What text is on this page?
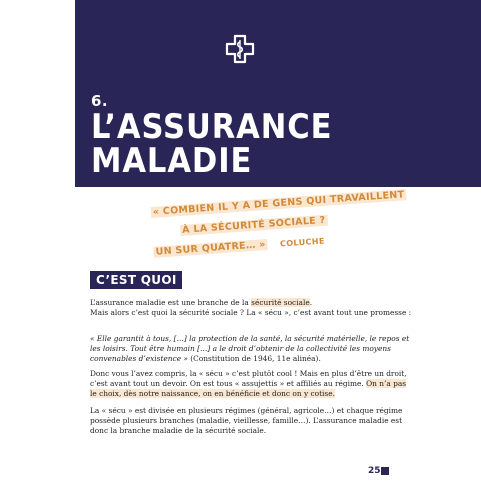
6.

L’ASSURANCE
MALADIE
« COMBIEN IL Y A DE GENS QUI TRAVAILLENT
À LA SÉCURITÉ SOCIALE ?
UN SUR QUATRE… »	COLUCHE
C’EST QUOI ?

L’assurance maladie est une branche de la sécurité sociale.
Mais alors c’est quoi la sécurité sociale ? La « sécu », c’est avant tout une promesse :

« Elle garantit à tous, […] la protection de la santé, la sécurité matérielle, le repos et les loisirs. Tout être humain […] a le droit d’obtenir de la collectivité les moyens convenables d’existence » (Constitution de 1946, 11e alinéa).

Donc vous l’avez compris, la « sécu » c’est plutôt cool ! Mais en plus d’être un droit, c’est avant tout un devoir. On est tous « assujettis » et affiliés au régime. On n’a pas le choix, dès notre naissance, on en bénéficie et donc on y cotise.

La « sécu » est divisée en plusieurs régimes (général, agricole…) et chaque régime possède plusieurs branches (maladie, vieillesse, famille…). L’assurance maladie est donc la branche maladie de la sécurité sociale.

25
